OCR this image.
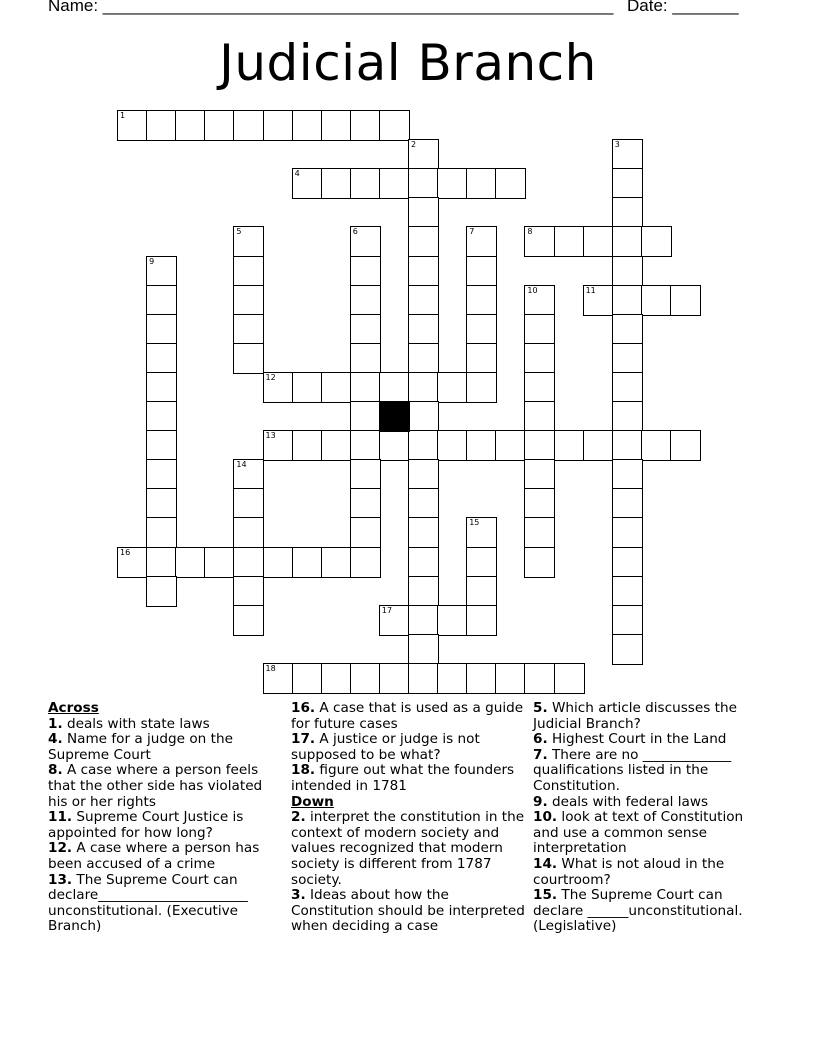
Name: ______________________________________________________ Date: _______
Judicial Branch
1
2	3
4
5	6	7	8
9
10	11
12
13
14
15
16
17
18
Across

1. deals with state laws

4. Name for a judge on the Supreme Court

8. A case where a person feels that the other side has violated his or her rights

11. Supreme Court Justice is appointed for how long?

12. A case where a person has been accused of a crime

13. The Supreme Court can declare______________________ unconstitutional. (Executive Branch)

16. A case that is used as a guide for future cases

17. A justice or judge is not supposed to be what?

18. figure out what the founders intended in 1781

Down

2. interpret the constitution in the context of modern society and values recognized that modern society is different from 1787 society.

3. Ideas about how the Constitution should be interpreted when deciding a case

5. Which article discusses the Judicial Branch?

6. Highest Court in the Land

7. There are no _____________ qualifications listed in the Constitution.

9. deals with federal laws

10. look at text of Constitution and use a common sense interpretation

14. What is not aloud in the courtroom?

15. The Supreme Court can declare ______unconstitutional. (Legislative)
